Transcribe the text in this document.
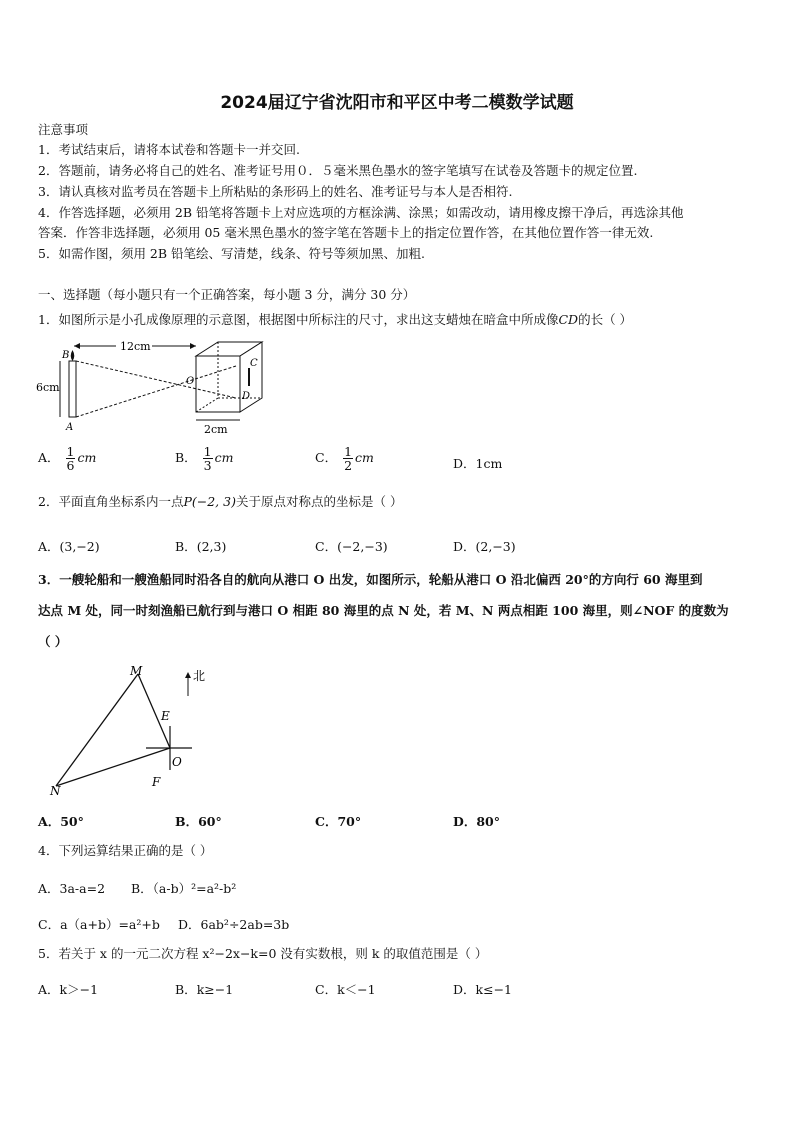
2024届辽宁省沈阳市和平区中考二模数学试题
注意事项
1．考试结束后，请将本试卷和答题卡一并交回.
2．答题前，请务必将自己的姓名、准考证号用０．５毫米黑色墨水的签字笔填写在试卷及答题卡的规定位置.
3．请认真核对监考员在答题卡上所粘贴的条形码上的姓名、准考证号与本人是否相符.
4．作答选择题，必须用 2B 铅笔将答题卡上对应选项的方框涂满、涂黑；如需改动，请用橡皮擦干净后，再选涂其他
答案．作答非选择题，必须用 05 毫米黑色墨水的签字笔在答题卡上的指定位置作答，在其他位置作答一律无效.
5．如需作图，须用 2B 铅笔绘、写清楚，线条、符号等须加黑、加粗.
一、选择题（每小题只有一个正确答案，每小题 3 分，满分 30 分）
1．如图所示是小孔成像原理的示意图，根据图中所标注的尺寸，求出这支蜡烛在暗盒中所成像CD的长（ ）
12cm
6cm
B
A
C
D
O
2cm
A． $\frac{1}{6}$ cm	B． $\frac{1}{3}$ cm	C． $\frac{1}{2}$ cm	D．1cm
2．平面直角坐标系内一点P(−2, 3)关于原点对称点的坐标是（ ）
A．(3,−2)	B．(2,3)	C．(−2,−3)	D．(2,−3)
3．一艘轮船和一艘渔船同时沿各自的航向从港口 O 出发，如图所示，轮船从港口 O 沿北偏西 20°的方向行 60 海里到
达点 M 处，同一时刻渔船已航行到与港口 O 相距 80 海里的点 N 处，若 M、N 两点相距 100 海里，则∠NOF 的度数为
（ ）
北
M
N
E
F
O
A．50°	B．60°	C．70°	D．80°
4．下列运算结果正确的是（ ）
A．3a-a=2 B．（a-b）²=a²-b²
C．a（a+b）=a²+b D．6ab²÷2ab=3b
5．若关于 x 的一元二次方程 x²−2x−k=0 没有实数根，则 k 的取值范围是（ ）
A．k＞−1	B．k≥−1	C．k＜−1	D．k≤−1
